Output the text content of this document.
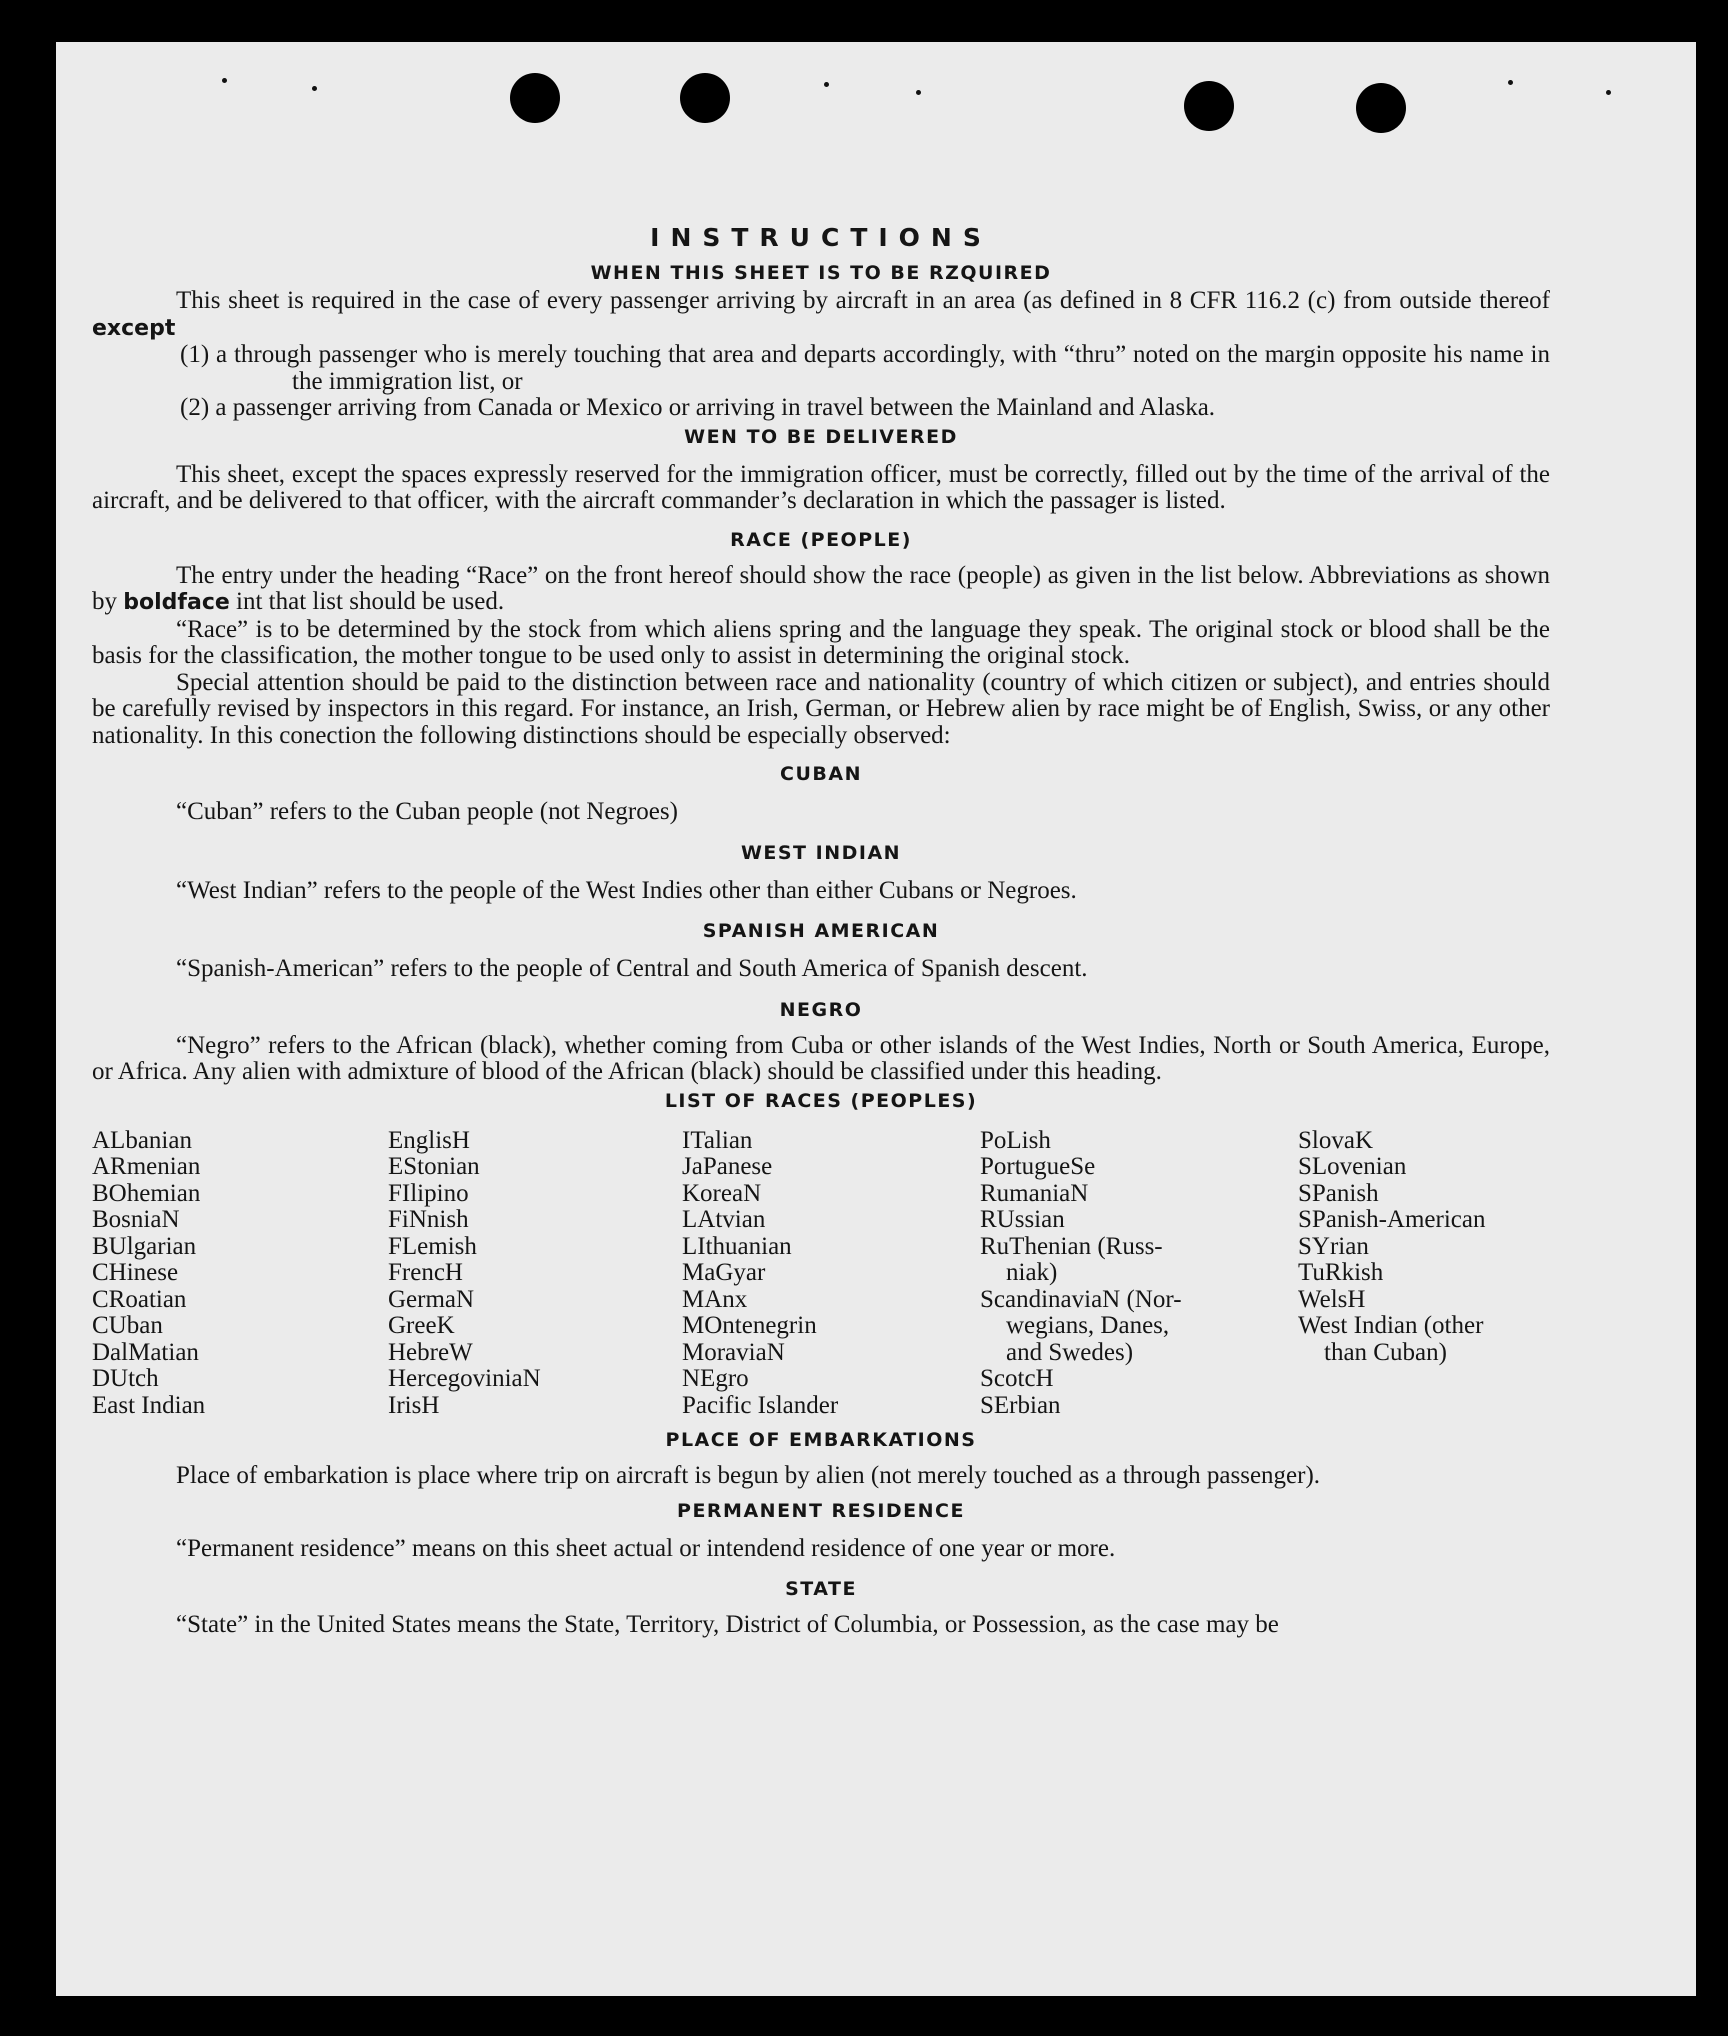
INSTRUCTIONS
WHEN THIS SHEET IS TO BE RZQUIRED

This sheet is required in the case of every passenger arriving by aircraft in an area (as defined in 8 CFR 116.2 (c) from outside thereof except

(1) a through passenger who is merely touching that area and departs accordingly, with “thru” noted on the margin opposite his name in the immigration list, or

(2) a passenger arriving from Canada or Mexico or arriving in travel between the Mainland and Alaska.

WEN TO BE DELIVERED

This sheet, except the spaces expressly reserved for the immigration officer, must be correctly, filled out by the time of the arrival of the aircraft, and be delivered to that officer, with the aircraft commander’s declaration in which the passager is listed.

RACE (PEOPLE)

The entry under the heading “Race” on the front hereof should show the race (people) as given in the list below. Abbreviations as shown by boldface int that list should be used.

“Race” is to be determined by the stock from which aliens spring and the language they speak. The original stock or blood shall be the basis for the classification, the mother tongue to be used only to assist in determining the original stock.

Special attention should be paid to the distinction between race and nationality (country of which citizen or subject), and entries should be carefully revised by inspectors in this regard. For instance, an Irish, German, or Hebrew alien by race might be of English, Swiss, or any other nationality. In this conection the following distinctions should be especially observed:

CUBAN

“Cuban” refers to the Cuban people (not Negroes)

WEST INDIAN

“West Indian” refers to the people of the West Indies other than either Cubans or Negroes.

SPANISH AMERICAN

“Spanish-American” refers to the people of Central and South America of Spanish descent.

NEGRO

“Negro” refers to the African (black), whether coming from Cuba or other islands of the West Indies, North or South America, Europe, or Africa. Any alien with admixture of blood of the African (black) should be classified under this heading.

LIST OF RACES (PEOPLES)
ALbanian
ARmenian
BOhemian
BosniaN
BUlgarian
CHinese
CRoatian
CUban
DalMatian
DUtch
East Indian
EnglisH
EStonian
FIlipino
FiNnish
FLemish
FrencH
GermaN
GreeK
HebreW
HercegoviniaN
IrisH
ITalian
JaPanese
KoreaN
LAtvian
LIthuanian
MaGyar
MAnx
MOntenegrin
MoraviaN
NEgro
Pacific Islander
PoLish
PortugueSe
RumaniaN
RUssian
RuThenian (Russ-
niak)
ScandinaviaN (Nor-
wegians, Danes,
and Swedes)
ScotcH
SErbian
SlovaK
SLovenian
SPanish
SPanish-American
SYrian
TuRkish
WelsH
West Indian (other
than Cuban)
PLACE OF EMBARKATIONS

Place of embarkation is place where trip on aircraft is begun by alien (not merely touched as a through passenger).

PERMANENT RESIDENCE

“Permanent residence” means on this sheet actual or intendend residence of one year or more.

STATE

“State” in the United States means the State, Territory, District of Columbia, or Possession, as the case may be
